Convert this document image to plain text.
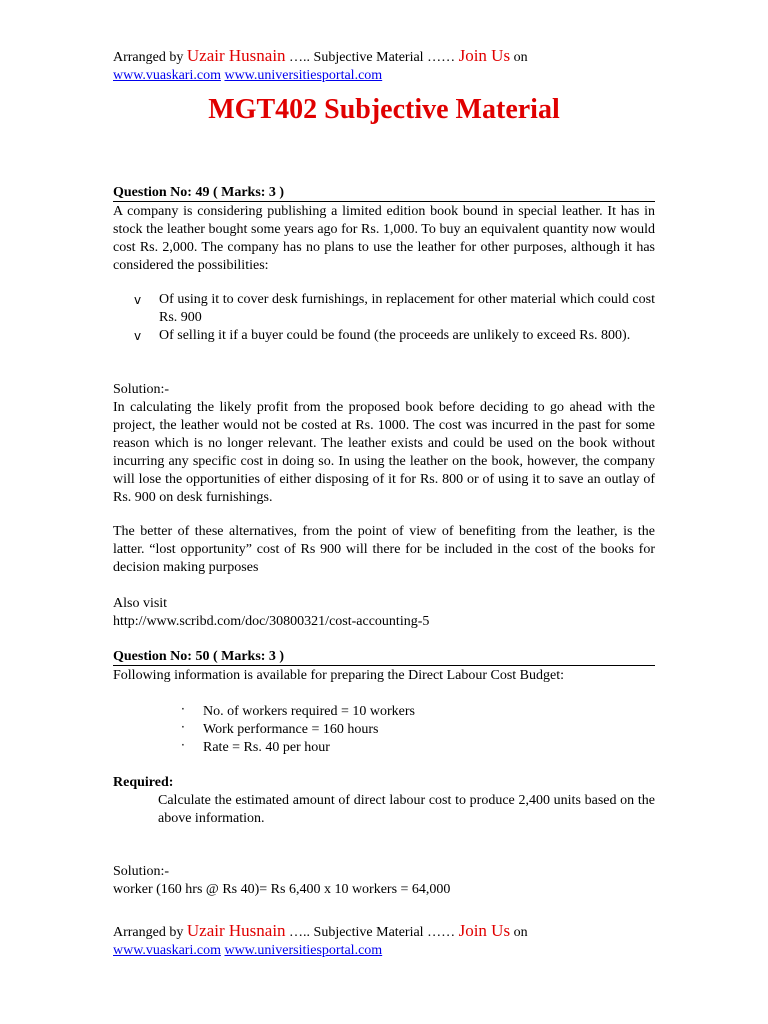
Arranged by Uzair Husnain ….. Subjective Material …… Join Us on
www.vuaskari.com www.universitiesportal.com
MGT402 Subjective Material
Question No: 49 ( Marks: 3 )
A company is considering publishing a limited edition book bound in special leather. It has in stock the leather bought some years ago for Rs. 1,000. To buy an equivalent quantity now would cost Rs. 2,000. The company has no plans to use the leather for other purposes, although it has considered the possibilities:
v Of using it to cover desk furnishings, in replacement for other material which could cost Rs. 900
v Of selling it if a buyer could be found (the proceeds are unlikely to exceed Rs. 800).
Solution:-
In calculating the likely profit from the proposed book before deciding to go ahead with the project, the leather would not be costed at Rs. 1000. The cost was incurred in the past for some reason which is no longer relevant. The leather exists and could be used on the book without incurring any specific cost in doing so. In using the leather on the book, however, the company will lose the opportunities of either disposing of it for Rs. 800 or of using it to save an outlay of Rs. 900 on desk furnishings.
The better of these alternatives, from the point of view of benefiting from the leather, is the latter. “lost opportunity” cost of Rs 900 will there for be included in the cost of the books for decision making purposes
Also visit
http://www.scribd.com/doc/30800321/cost-accounting-5
Question No: 50 ( Marks: 3 )
Following information is available for preparing the Direct Labour Cost Budget:
· No. of workers required = 10 workers
· Work performance = 160 hours
· Rate = Rs. 40 per hour
Required:
Calculate the estimated amount of direct labour cost to produce 2,400 units based on the above information.
Solution:-
worker (160 hrs @ Rs 40)= Rs 6,400 x 10 workers = 64,000
Arranged by Uzair Husnain ….. Subjective Material …… Join Us on
www.vuaskari.com www.universitiesportal.com
